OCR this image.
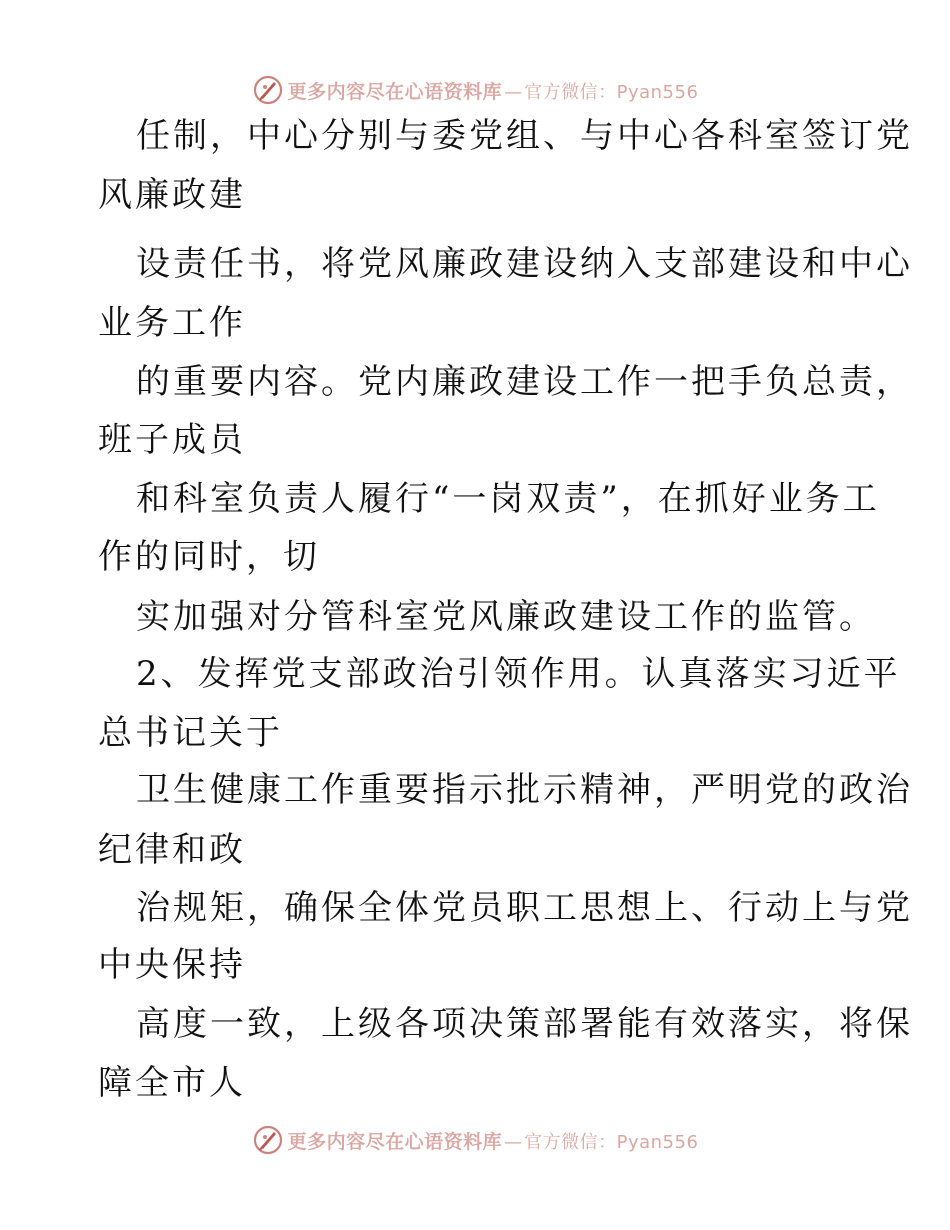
更多内容尽在心语资料库 — 官方微信：Pyan556
任制，中心分别与委党组、与中心各科室签订党
风廉政建
设责任书，将党风廉政建设纳入支部建设和中心
业务工作
的重要内容。党内廉政建设工作一把手负总责，
班子成员
和科室负责人履行“一岗双责”，在抓好业务工
作的同时，切
实加强对分管科室党风廉政建设工作的监管。
2、发挥党支部政治引领作用。认真落实习近平
总书记关于
卫生健康工作重要指示批示精神，严明党的政治
纪律和政
治规矩，确保全体党员职工思想上、行动上与党
中央保持
高度一致，上级各项决策部署能有效落实，将保
障全市人
更多内容尽在心语资料库 — 官方微信：Pyan556
